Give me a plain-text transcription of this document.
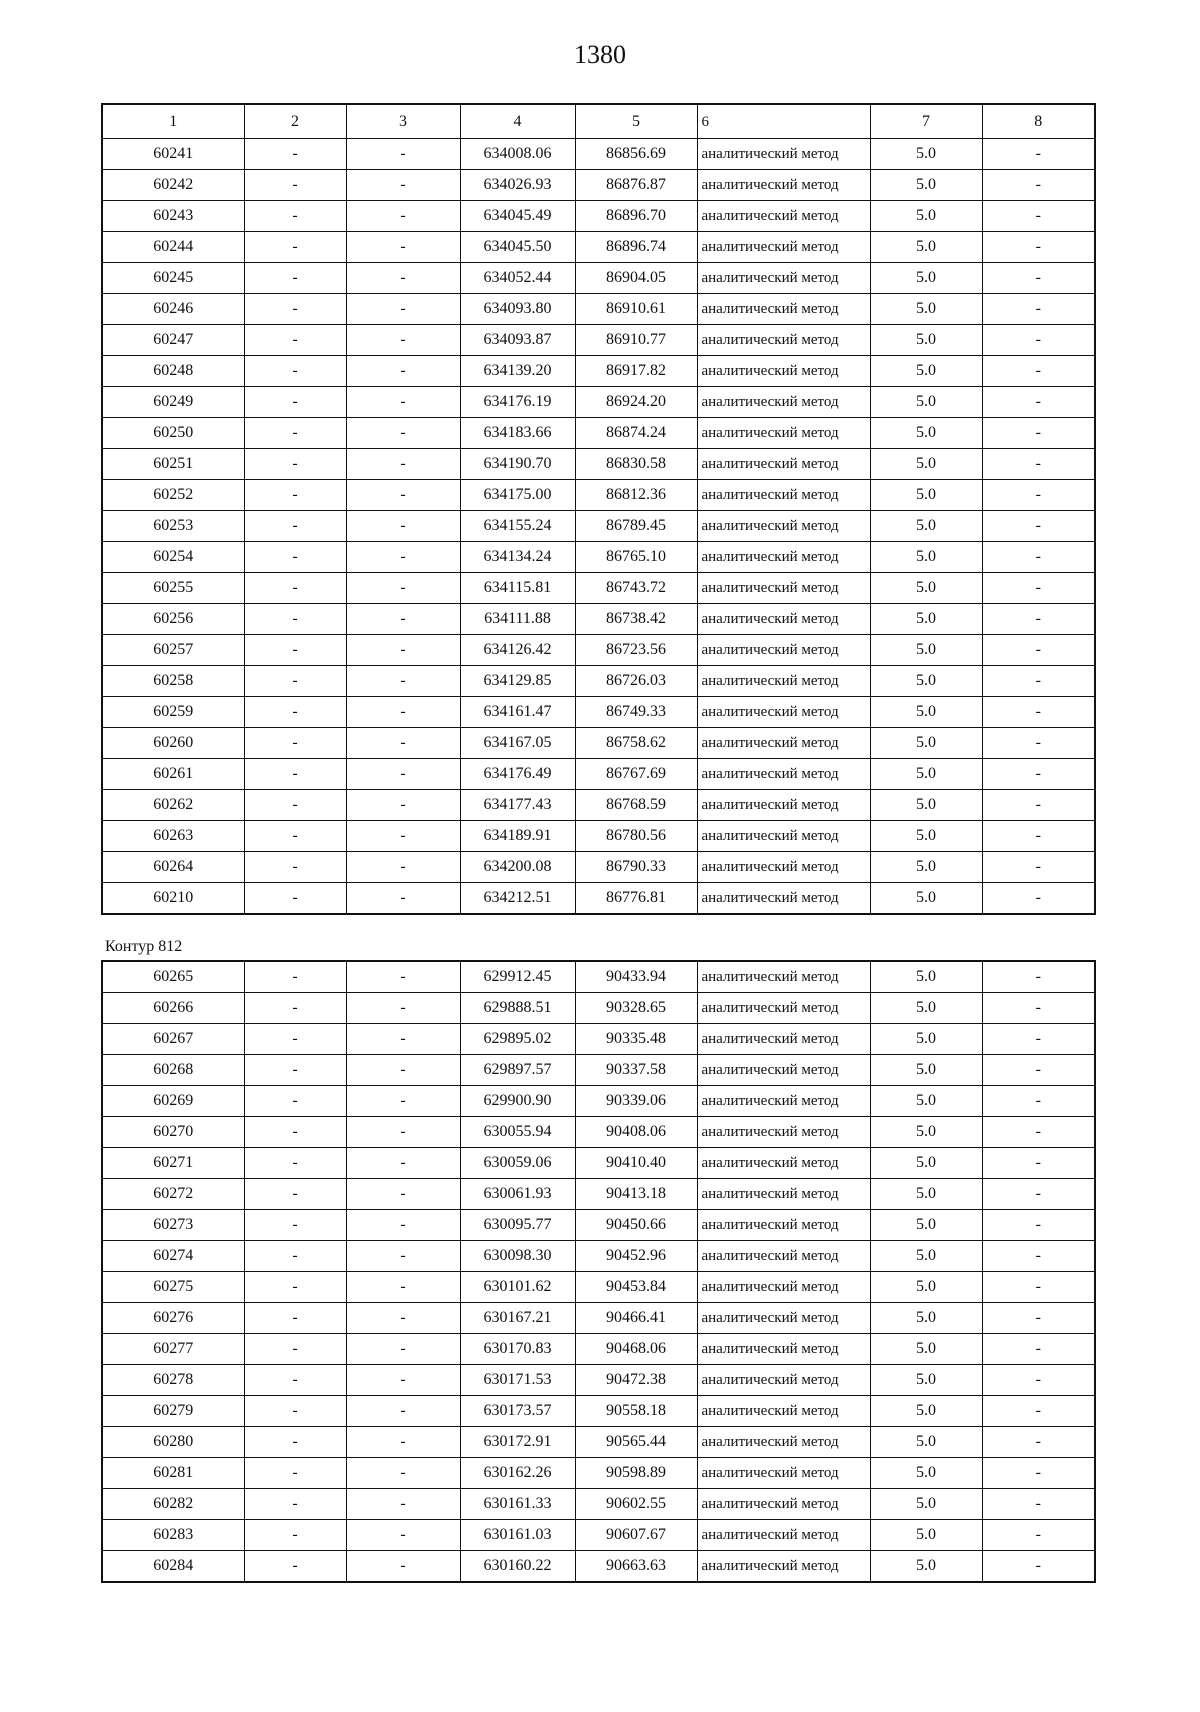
1380
1	2	3	4	5	6	7	8
60241	-	-	634008.06	86856.69	аналитический метод	5.0	-
60242	-	-	634026.93	86876.87	аналитический метод	5.0	-
60243	-	-	634045.49	86896.70	аналитический метод	5.0	-
60244	-	-	634045.50	86896.74	аналитический метод	5.0	-
60245	-	-	634052.44	86904.05	аналитический метод	5.0	-
60246	-	-	634093.80	86910.61	аналитический метод	5.0	-
60247	-	-	634093.87	86910.77	аналитический метод	5.0	-
60248	-	-	634139.20	86917.82	аналитический метод	5.0	-
60249	-	-	634176.19	86924.20	аналитический метод	5.0	-
60250	-	-	634183.66	86874.24	аналитический метод	5.0	-
60251	-	-	634190.70	86830.58	аналитический метод	5.0	-
60252	-	-	634175.00	86812.36	аналитический метод	5.0	-
60253	-	-	634155.24	86789.45	аналитический метод	5.0	-
60254	-	-	634134.24	86765.10	аналитический метод	5.0	-
60255	-	-	634115.81	86743.72	аналитический метод	5.0	-
60256	-	-	634111.88	86738.42	аналитический метод	5.0	-
60257	-	-	634126.42	86723.56	аналитический метод	5.0	-
60258	-	-	634129.85	86726.03	аналитический метод	5.0	-
60259	-	-	634161.47	86749.33	аналитический метод	5.0	-
60260	-	-	634167.05	86758.62	аналитический метод	5.0	-
60261	-	-	634176.49	86767.69	аналитический метод	5.0	-
60262	-	-	634177.43	86768.59	аналитический метод	5.0	-
60263	-	-	634189.91	86780.56	аналитический метод	5.0	-
60264	-	-	634200.08	86790.33	аналитический метод	5.0	-
60210	-	-	634212.51	86776.81	аналитический метод	5.0	-
Контур 812
60265	-	-	629912.45	90433.94	аналитический метод	5.0	-
60266	-	-	629888.51	90328.65	аналитический метод	5.0	-
60267	-	-	629895.02	90335.48	аналитический метод	5.0	-
60268	-	-	629897.57	90337.58	аналитический метод	5.0	-
60269	-	-	629900.90	90339.06	аналитический метод	5.0	-
60270	-	-	630055.94	90408.06	аналитический метод	5.0	-
60271	-	-	630059.06	90410.40	аналитический метод	5.0	-
60272	-	-	630061.93	90413.18	аналитический метод	5.0	-
60273	-	-	630095.77	90450.66	аналитический метод	5.0	-
60274	-	-	630098.30	90452.96	аналитический метод	5.0	-
60275	-	-	630101.62	90453.84	аналитический метод	5.0	-
60276	-	-	630167.21	90466.41	аналитический метод	5.0	-
60277	-	-	630170.83	90468.06	аналитический метод	5.0	-
60278	-	-	630171.53	90472.38	аналитический метод	5.0	-
60279	-	-	630173.57	90558.18	аналитический метод	5.0	-
60280	-	-	630172.91	90565.44	аналитический метод	5.0	-
60281	-	-	630162.26	90598.89	аналитический метод	5.0	-
60282	-	-	630161.33	90602.55	аналитический метод	5.0	-
60283	-	-	630161.03	90607.67	аналитический метод	5.0	-
60284	-	-	630160.22	90663.63	аналитический метод	5.0	-
